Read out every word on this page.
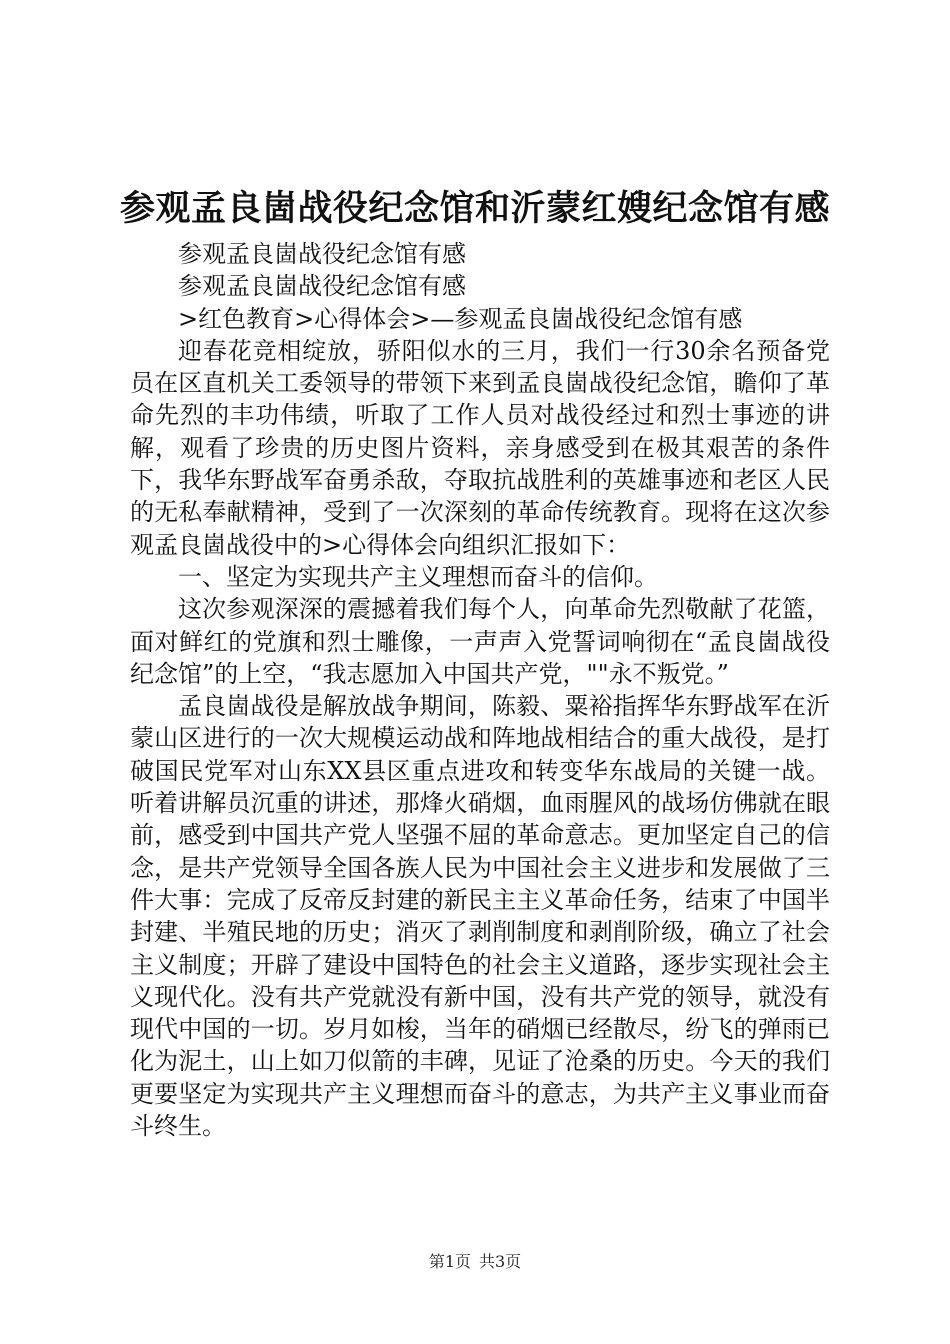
参观孟良崮战役纪念馆和沂蒙红嫂纪念馆有感

参观孟良崮战役纪念馆有感

参观孟良崮战役纪念馆有感

>红色教育>心得体会>—参观孟良崮战役纪念馆有感

迎春花竞相绽放，骄阳似水的三月，我们一行30余名预备党员在区直机关工委领导的带领下来到孟良崮战役纪念馆，瞻仰了革命先烈的丰功伟绩，听取了工作人员对战役经过和烈士事迹的讲解，观看了珍贵的历史图片资料，亲身感受到在极其艰苦的条件下，我华东野战军奋勇杀敌，夺取抗战胜利的英雄事迹和老区人民的无私奉献精神，受到了一次深刻的革命传统教育。现将在这次参观孟良崮战役中的>心得体会向组织汇报如下：

一、坚定为实现共产主义理想而奋斗的信仰。

这次参观深深的震撼着我们每个人，向革命先烈敬献了花篮，面对鲜红的党旗和烈士雕像，一声声入党誓词响彻在“孟良崮战役纪念馆”的上空，“我志愿加入中国共产党，""永不叛党。”

孟良崮战役是解放战争期间，陈毅、粟裕指挥华东野战军在沂蒙山区进行的一次大规模运动战和阵地战相结合的重大战役，是打破国民党军对山东XX县区重点进攻和转变华东战局的关键一战。听着讲解员沉重的讲述，那烽火硝烟，血雨腥风的战场仿佛就在眼前，感受到中国共产党人坚强不屈的革命意志。更加坚定自己的信念，是共产党领导全国各族人民为中国社会主义进步和发展做了三件大事：完成了反帝反封建的新民主主义革命任务，结束了中国半封建、半殖民地的历史；消灭了剥削制度和剥削阶级，确立了社会主义制度；开辟了建设中国特色的社会主义道路，逐步实现社会主义现代化。没有共产党就没有新中国，没有共产党的领导，就没有现代中国的一切。岁月如梭，当年的硝烟已经散尽，纷飞的弹雨已化为泥土，山上如刀似箭的丰碑，见证了沧桑的历史。今天的我们更要坚定为实现共产主义理想而奋斗的意志，为共产主义事业而奋斗终生。

第1页 共3页
